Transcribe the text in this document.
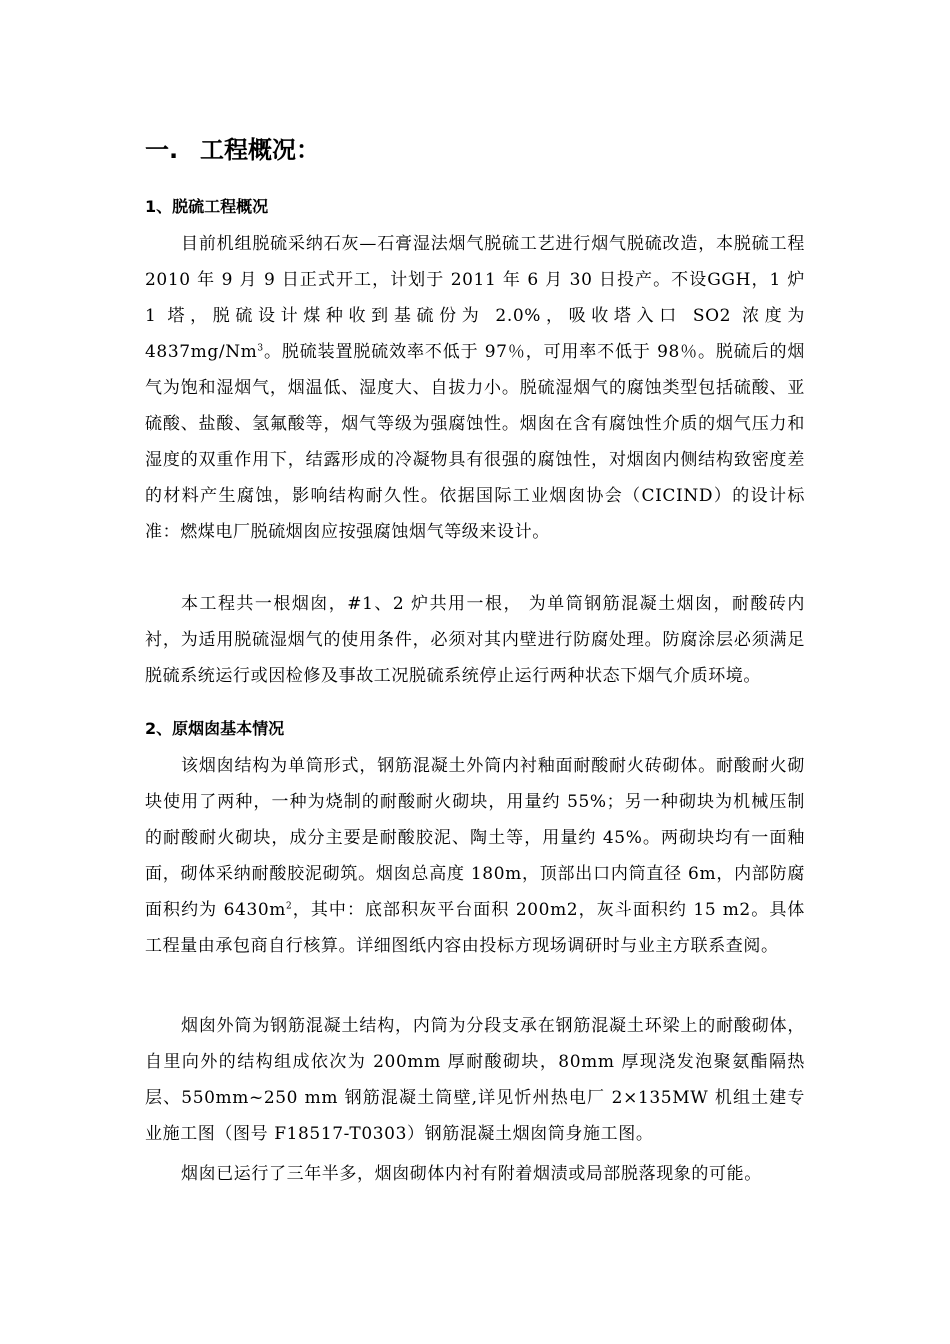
一. 工程概况：
1、脱硫工程概况

目前机组脱硫采纳石灰—石膏湿法烟气脱硫工艺进行烟气脱硫改造，本脱硫工程 2010 年 9 月 9 日正式开工，计划于 2011 年 6 月 30 日投产。不设GGH，1 炉 1 塔，脱硫设计煤种收到基硫份为 2.0%，吸收塔入口 SO2 浓度为4837mg/Nm$^3$。脱硫装置脱硫效率不低于 97％，可用率不低于 98％。脱硫后的烟气为饱和湿烟气，烟温低、湿度大、自拔力小。脱硫湿烟气的腐蚀类型包括硫酸、亚硫酸、盐酸、氢氟酸等，烟气等级为强腐蚀性。烟囱在含有腐蚀性介质的烟气压力和湿度的双重作用下，结露形成的冷凝物具有很强的腐蚀性，对烟囱内侧结构致密度差的材料产生腐蚀，影响结构耐久性。依据国际工业烟囱协会（CICIND）的设计标准：燃煤电厂脱硫烟囱应按强腐蚀烟气等级来设计。

本工程共一根烟囱，#1、2 炉共用一根， 为单筒钢筋混凝土烟囱，耐酸砖内衬，为适用脱硫湿烟气的使用条件，必须对其内壁进行防腐处理。防腐涂层必须满足脱硫系统运行或因检修及事故工况脱硫系统停止运行两种状态下烟气介质环境。

2、原烟囱基本情况

该烟囱结构为单筒形式，钢筋混凝土外筒内衬釉面耐酸耐火砖砌体。耐酸耐火砌块使用了两种，一种为烧制的耐酸耐火砌块，用量约 55%；另一种砌块为机械压制的耐酸耐火砌块，成分主要是耐酸胶泥、陶土等，用量约 45%。两砌块均有一面釉面，砌体采纳耐酸胶泥砌筑。烟囱总高度 180m，顶部出口内筒直径 6m，内部防腐面积约为 $6430m^2$，其中：底部积灰平台面积 200m2，灰斗面积约 15 m2。具体工程量由承包商自行核算。详细图纸内容由投标方现场调研时与业主方联系查阅。

烟囱外筒为钢筋混凝土结构，内筒为分段支承在钢筋混凝土环梁上的耐酸砌体，自里向外的结构组成依次为 200mm 厚耐酸砌块，80mm 厚现浇发泡聚氨酯隔热层、550mm~250 mm 钢筋混凝土筒壁,详见忻州热电厂 2×135MW 机组土建专业施工图（图号 F18517-T0303）钢筋混凝土烟囱筒身施工图。

烟囱已运行了三年半多，烟囱砌体内衬有附着烟渍或局部脱落现象的可能。
